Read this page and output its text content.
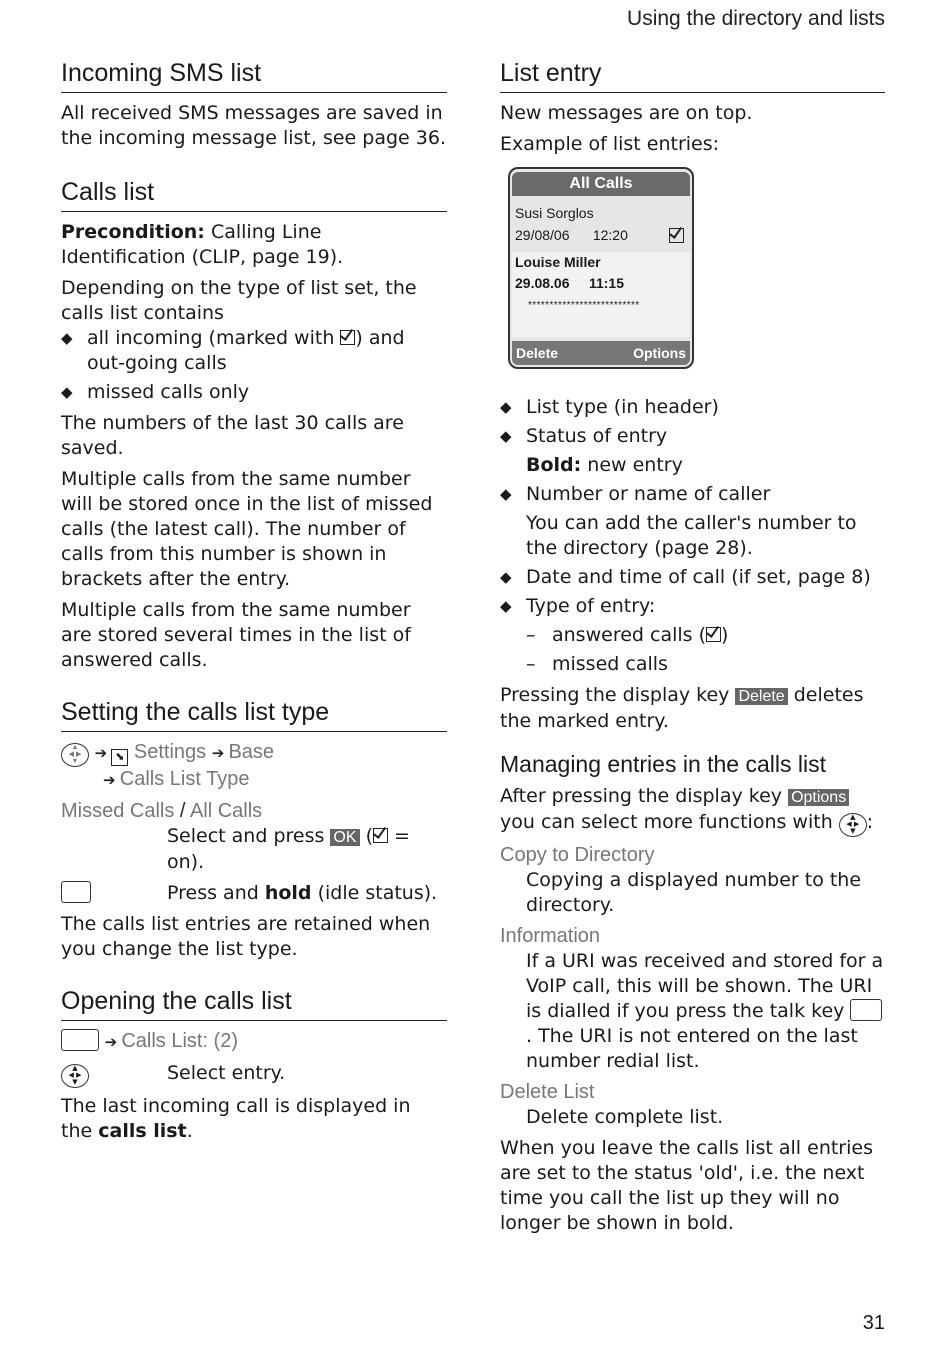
Using the directory and lists
Incoming SMS list

All received SMS messages are saved in the incoming message list, see page 36.

Calls list

Precondition: Calling Line Identification (CLIP, page 19).

Depending on the type of list set, the calls list contains

◆ all incoming (marked with ) and out-going calls
◆ missed calls only

The numbers of the last 30 calls are saved.

Multiple calls from the same number will be stored once in the list of missed calls (the latest call). The number of calls from this number is shown in brackets after the entry.

Multiple calls from the same number are stored several times in the list of answered calls.

Setting the calls list type
▲
◀ ▶
▼ ➔ ⬊ Settings ➔ Base
➔ Calls List Type
Missed Calls / All Calls
Select and press OK ( = on).
Press and hold (idle status).

The calls list entries are retained when you change the list type.

Opening the calls list
➔ Calls List: (2)
▲
◀ ▶
▼	Select entry.

The last incoming call is displayed in the calls list.

List entry

New messages are on top.

Example of list entries:

All Calls
Susi Sorglos
29/08/06 12:20
Louise Miller
29.08.06 11:15
**************************
Delete	Options
◆ List type (in header)
◆ Status of entry

Bold: new entry

◆ Number or name of caller

You can add the caller's number to the directory (page 28).

◆ Date and time of call (if set, page 8)
◆ Type of entry:
– answered calls ( )
– missed calls

Pressing the display key Delete deletes the marked entry.

Managing entries in the calls list

After pressing the display key Options you can select more functions with ▲
◀ ▶
▼ :

Copy to Directory

Copying a displayed number to the directory.

Information

If a URI was received and stored for a VoIP call, this will be shown. The URI is dialled if you press the talk key . The URI is not entered on the last number redial list.

Delete List

Delete complete list.

When you leave the calls list all entries are set to the status 'old', i.e. the next time you call the list up they will no longer be shown in bold.

31
